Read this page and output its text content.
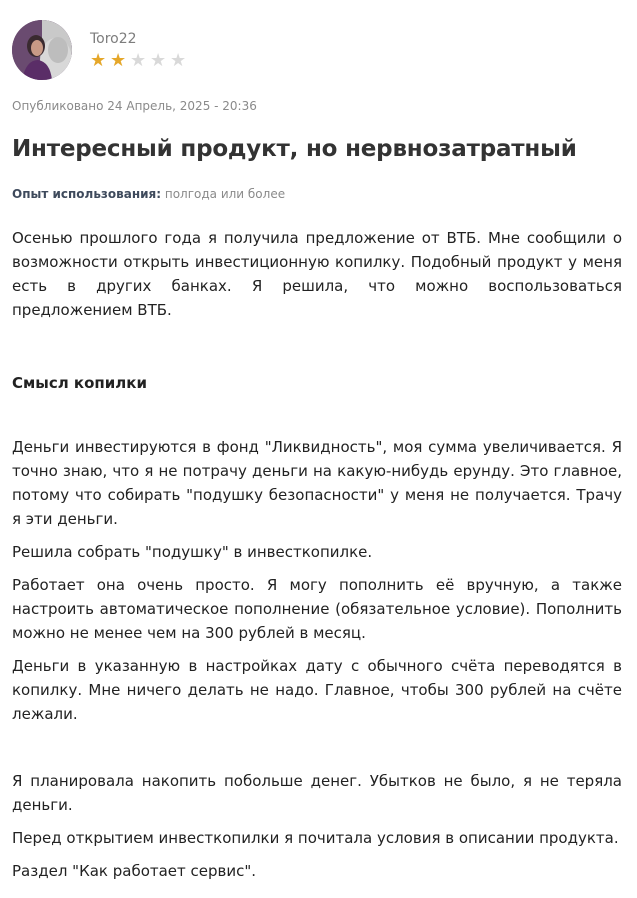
Toro22
★ ★ ★ ★ ★
Опубликовано 24 Апрель, 2025 - 20:36
Интересный продукт, но нервнозатратный
Опыт использования: полгода или более

Осенью прошлого года я получила предложение от ВТБ. Мне сообщили о возможности открыть инвестиционную копилку. Подобный продукт у меня есть в других банках. Я решила, что можно воспользоваться предложением ВТБ.

Смысл копилки

Деньги инвестируются в фонд "Ликвидность", моя сумма увеличивается. Я точно знаю, что я не потрачу деньги на какую-нибудь ерунду. Это главное, потому что собирать "подушку безопасности" у меня не получается. Трачу я эти деньги.

Решила собрать "подушку" в инвесткопилке.

Работает она очень просто. Я могу пополнить её вручную, а также настроить автоматическое пополнение (обязательное условие). Пополнить можно не менее чем на 300 рублей в месяц.

Деньги в указанную в настройках дату с обычного счёта переводятся в копилку. Мне ничего делать не надо. Главное, чтобы 300 рублей на счёте лежали.

Я планировала накопить побольше денег. Убытков не было, я не теряла деньги.

Перед открытием инвесткопилки я почитала условия в описании продукта.

Раздел "Как работает сервис".
